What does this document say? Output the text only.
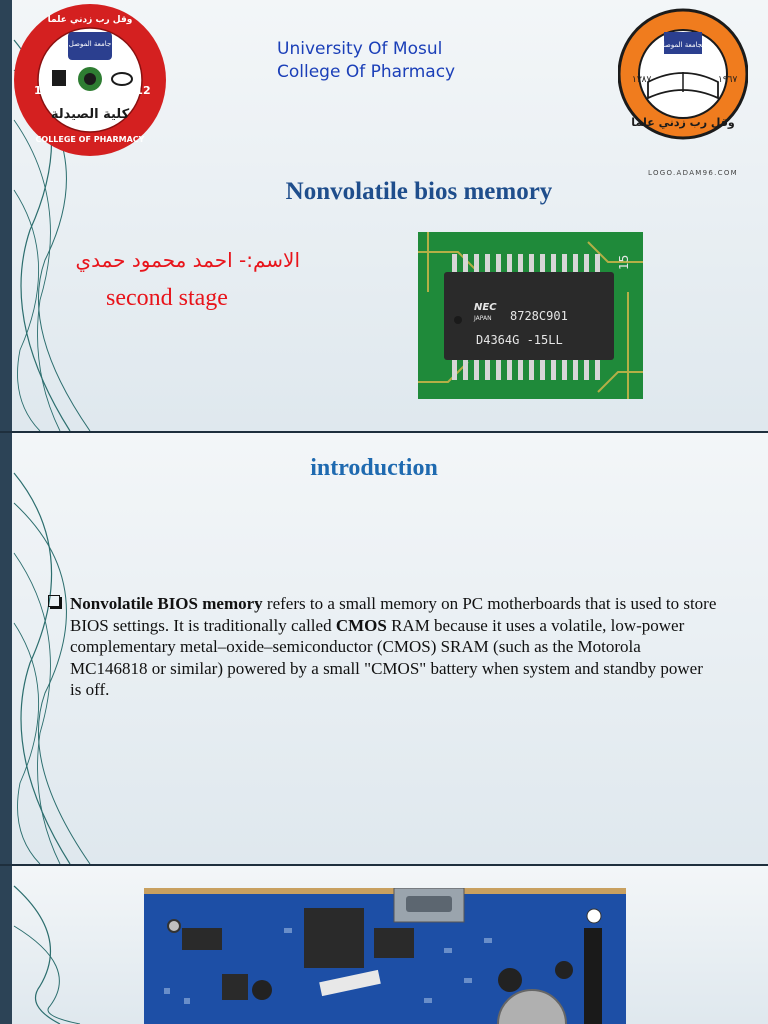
وقل رب زدني علما
جامعة الموصل
1992	1412
كلية الصيدلة
COLLEGE OF PHARMACY
University Of Mosul
College Of Pharmacy
الجامعة الموصل
١٣٨٧	١٩٦٧
وقل رب زدني علما
LOGO.ADAM96.COM
Nonvolatile bios memory
الاسم:- احمد محمود حمدي
second stage	NEC
JAPAN 8728C901
D4364G -15LL
15
introduction

Nonvolatile BIOS memory refers to a small memory on PC motherboards that is used to store BIOS settings. It is traditionally called CMOS RAM because it uses a volatile, low-power complementary metal–oxide–semiconductor (CMOS) SRAM (such as the Motorola MC146818 or similar) powered by a small "CMOS" battery when system and standby power is off.
